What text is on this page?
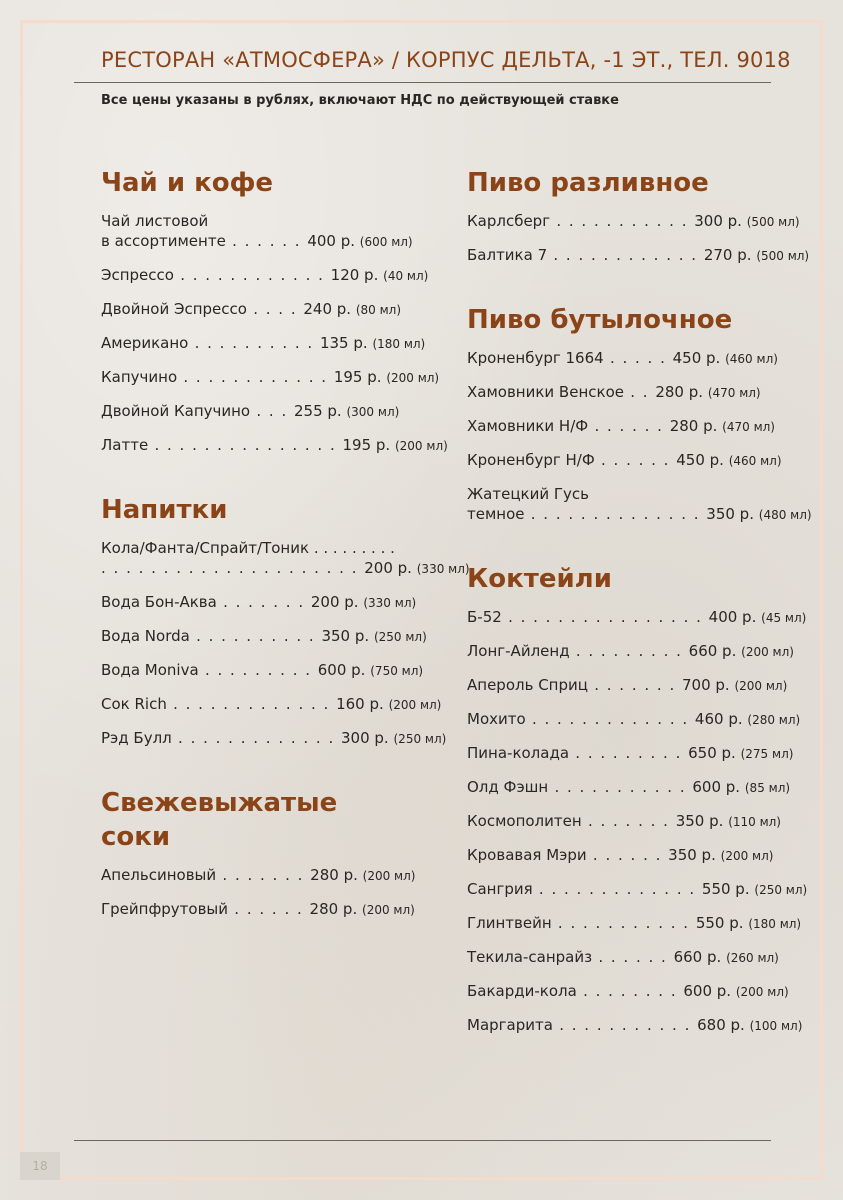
РЕСТОРАН «АТМОСФЕРА» / КОРПУС ДЕЛЬТА, -1 ЭТ., ТЕЛ. 9018
Все цены указаны в рублях, включают НДС по действующей ставке
Чай и кофе
Чай листовой
в ассортименте . . . . . . 400 р. (600 мл)
Эспрессо . . . . . . . . . . . . 120 р. (40 мл)
Двойной Эспрессо . . . . 240 р. (80 мл)
Американо . . . . . . . . . . 135 р. (180 мл)
Капучино . . . . . . . . . . . . 195 р. (200 мл)
Двойной Капучино . . . 255 р. (300 мл)
Латте . . . . . . . . . . . . . . . 195 р. (200 мл)
Напитки
Кола/Фанта/Спрайт/Тоник . . . . . . . . .
. . . . . . . . . . . . . . . . . . . . . 200 р. (330 мл)
Вода Бон-Аква . . . . . . . 200 р. (330 мл)
Вода Norda . . . . . . . . . . 350 р. (250 мл)
Вода Moniva . . . . . . . . . 600 р. (750 мл)
Сок Rich . . . . . . . . . . . . . 160 р. (200 мл)
Рэд Булл . . . . . . . . . . . . . 300 р. (250 мл)
Свежевыжатые
соки
Апельсиновый . . . . . . . 280 р. (200 мл)
Грейпфрутовый . . . . . . 280 р. (200 мл)
Пиво разливное
Карлсберг . . . . . . . . . . . 300 р. (500 мл)
Балтика 7 . . . . . . . . . . . . 270 р. (500 мл)
Пиво бутылочное
Кроненбург 1664 . . . . . 450 р. (460 мл)
Хамовники Венское . . 280 р. (470 мл)
Хамовники Н/Ф . . . . . . 280 р. (470 мл)
Кроненбург Н/Ф . . . . . . 450 р. (460 мл)
Жатецкий Гусь
темное . . . . . . . . . . . . . . 350 р. (480 мл)
Коктейли
Б-52 . . . . . . . . . . . . . . . . 400 р. (45 мл)
Лонг-Айленд . . . . . . . . . 660 р. (200 мл)
Апероль Сприц . . . . . . . 700 р. (200 мл)
Мохито . . . . . . . . . . . . . 460 р. (280 мл)
Пина-колада . . . . . . . . . 650 р. (275 мл)
Олд Фэшн . . . . . . . . . . . 600 р. (85 мл)
Космополитен . . . . . . . 350 р. (110 мл)
Кровавая Мэри . . . . . . 350 р. (200 мл)
Сангрия . . . . . . . . . . . . . 550 р. (250 мл)
Глинтвейн . . . . . . . . . . . 550 р. (180 мл)
Текила-санрайз . . . . . . 660 р. (260 мл)
Бакарди-кола . . . . . . . . 600 р. (200 мл)
Маргарита . . . . . . . . . . . 680 р. (100 мл)
18
